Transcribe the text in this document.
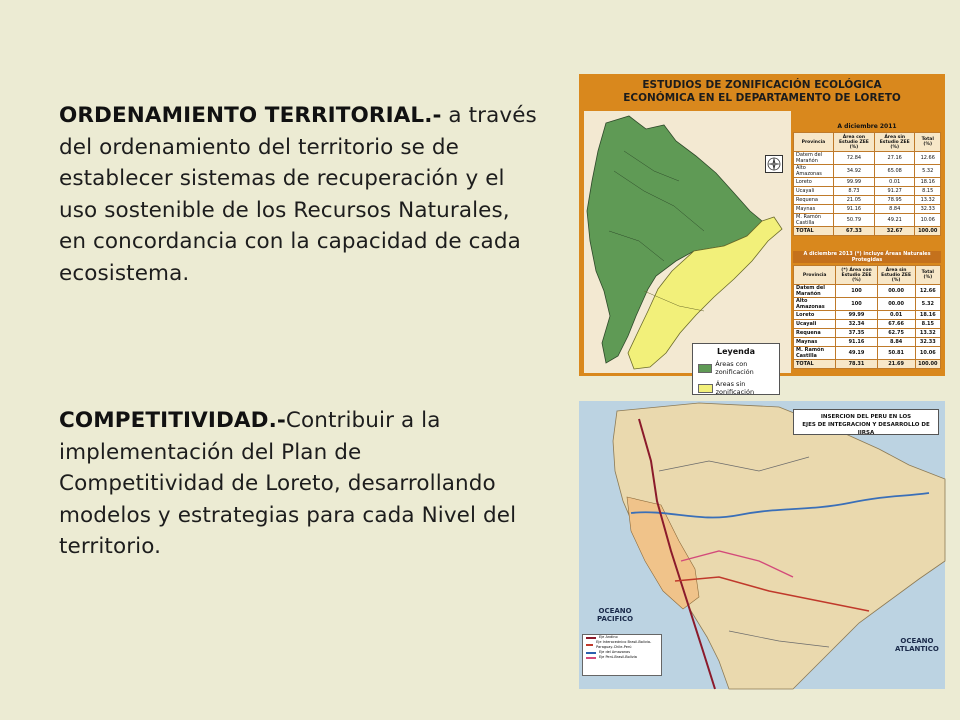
ORDENAMIENTO TERRITORIAL.- a través
del ordenamiento del territorio se de
establecer sistemas de recuperación y el
uso sostenible de los Recursos Naturales,
en concordancia con la capacidad de cada
ecosistema.
COMPETITIVIDAD.-Contribuir a la
implementación del Plan de
Competitividad de Loreto, desarrollando
modelos y estrategias para cada Nivel del
territorio.
ESTUDIOS DE ZONIFICACIÓN ECOLÓGICA
ECONÓMICA EN EL DEPARTAMENTO DE LORETO
Leyenda
Áreas con zonificación
Áreas sin zonificación
A diciembre 2011
Provincia	Área con Estudio ZEE (%)	Área sin Estudio ZEE (%)	Total (%)
Datem del Marañón	72.84	27.16	12.66
Alto Amazonas	34.92	65.08	5.32
Loreto	99.99	0.01	18.16
Ucayali	8.73	91.27	8.15
Requena	21.05	78.95	13.32
Maynas	91.16	8.84	32.33
M. Ramón Castilla	50.79	49.21	10.06
TOTAL	67.33	32.67	100.00
A diciembre 2013 (*) incluye Áreas Naturales Protegidas
Provincia	(*) Área con Estudio ZEE (%)	Área sin Estudio ZEE (%)	Total (%)
Datem del Marañón	100	00.00	12.66
Alto Amazonas	100	00.00	5.32
Loreto	99.99	0.01	18.16
Ucayali	32.34	67.66	8.15
Requena	37.35	62.75	13.32
Maynas	91.16	8.84	32.33
M. Ramón Castilla	49.19	50.81	10.06
TOTAL	78.31	21.69	100.00
INSERCION DEL PERU EN LOS
EJES DE INTEGRACION Y DESARROLLO DE IIRSA
OCEANO
PACIFICO
OCEANO
ATLANTICO
Eje Andino
Eje Interoceánico Brasil-Bolivia-Paraguay-Chile-Perú
Eje del Amazonas
Eje Perú-Brasil-Bolivia
